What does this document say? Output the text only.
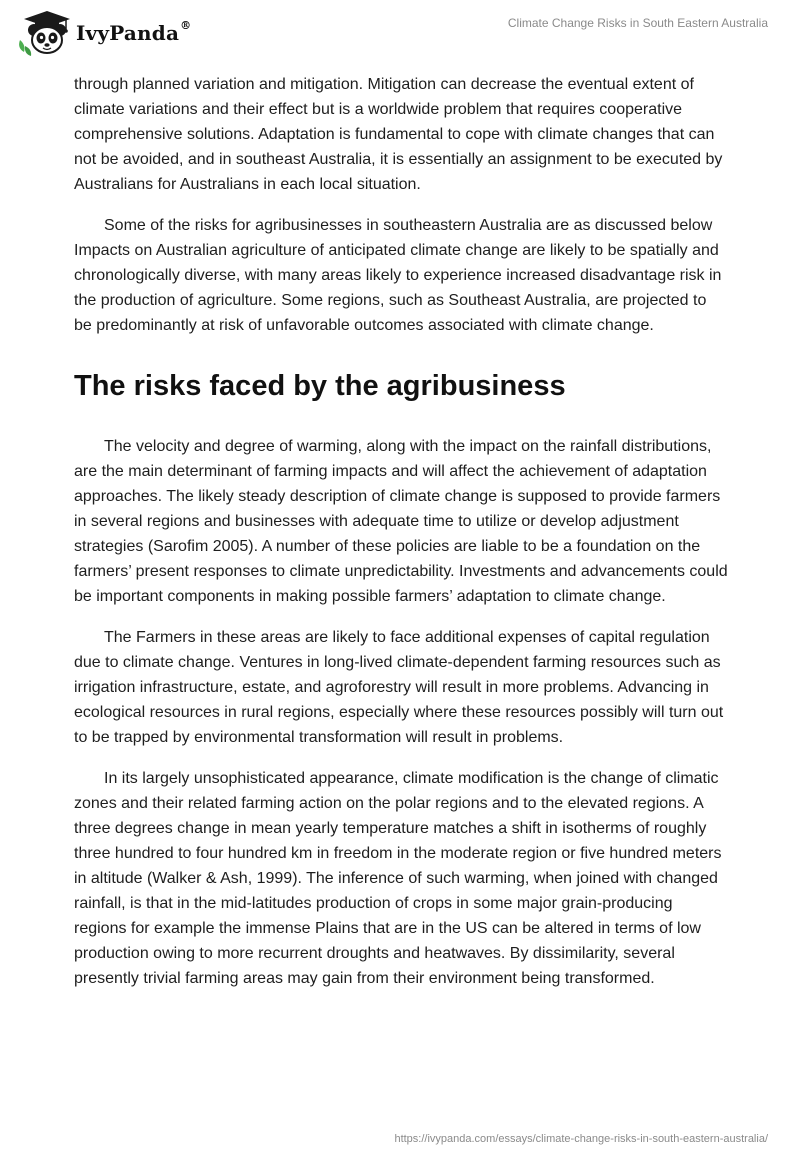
IvyPanda®	Climate Change Risks in South Eastern Australia

through planned variation and mitigation. Mitigation can decrease the eventual extent of climate variations and their effect but is a worldwide problem that requires cooperative comprehensive solutions. Adaptation is fundamental to cope with climate changes that can not be avoided, and in southeast Australia, it is essentially an assignment to be executed by Australians for Australians in each local situation.

Some of the risks for agribusinesses in southeastern Australia are as discussed below Impacts on Australian agriculture of anticipated climate change are likely to be spatially and chronologically diverse, with many areas likely to experience increased disadvantage risk in the production of agriculture. Some regions, such as Southeast Australia, are projected to be predominantly at risk of unfavorable outcomes associated with climate change.

The risks faced by the agribusiness

The velocity and degree of warming, along with the impact on the rainfall distributions, are the main determinant of farming impacts and will affect the achievement of adaptation approaches. The likely steady description of climate change is supposed to provide farmers in several regions and businesses with adequate time to utilize or develop adjustment strategies (Sarofim 2005). A number of these policies are liable to be a foundation on the farmers’ present responses to climate unpredictability. Investments and advancements could be important components in making possible farmers’ adaptation to climate change.

The Farmers in these areas are likely to face additional expenses of capital regulation due to climate change. Ventures in long-lived climate-dependent farming resources such as irrigation infrastructure, estate, and agroforestry will result in more problems. Advancing in ecological resources in rural regions, especially where these resources possibly will turn out to be trapped by environmental transformation will result in problems.

In its largely unsophisticated appearance, climate modification is the change of climatic zones and their related farming action on the polar regions and to the elevated regions. A three degrees change in mean yearly temperature matches a shift in isotherms of roughly three hundred to four hundred km in freedom in the moderate region or five hundred meters in altitude (Walker & Ash, 1999). The inference of such warming, when joined with changed rainfall, is that in the mid-latitudes production of crops in some major grain-producing regions for example the immense Plains that are in the US can be altered in terms of low production owing to more recurrent droughts and heatwaves. By dissimilarity, several presently trivial farming areas may gain from their environment being transformed.

https://ivypanda.com/essays/climate-change-risks-in-south-eastern-australia/
